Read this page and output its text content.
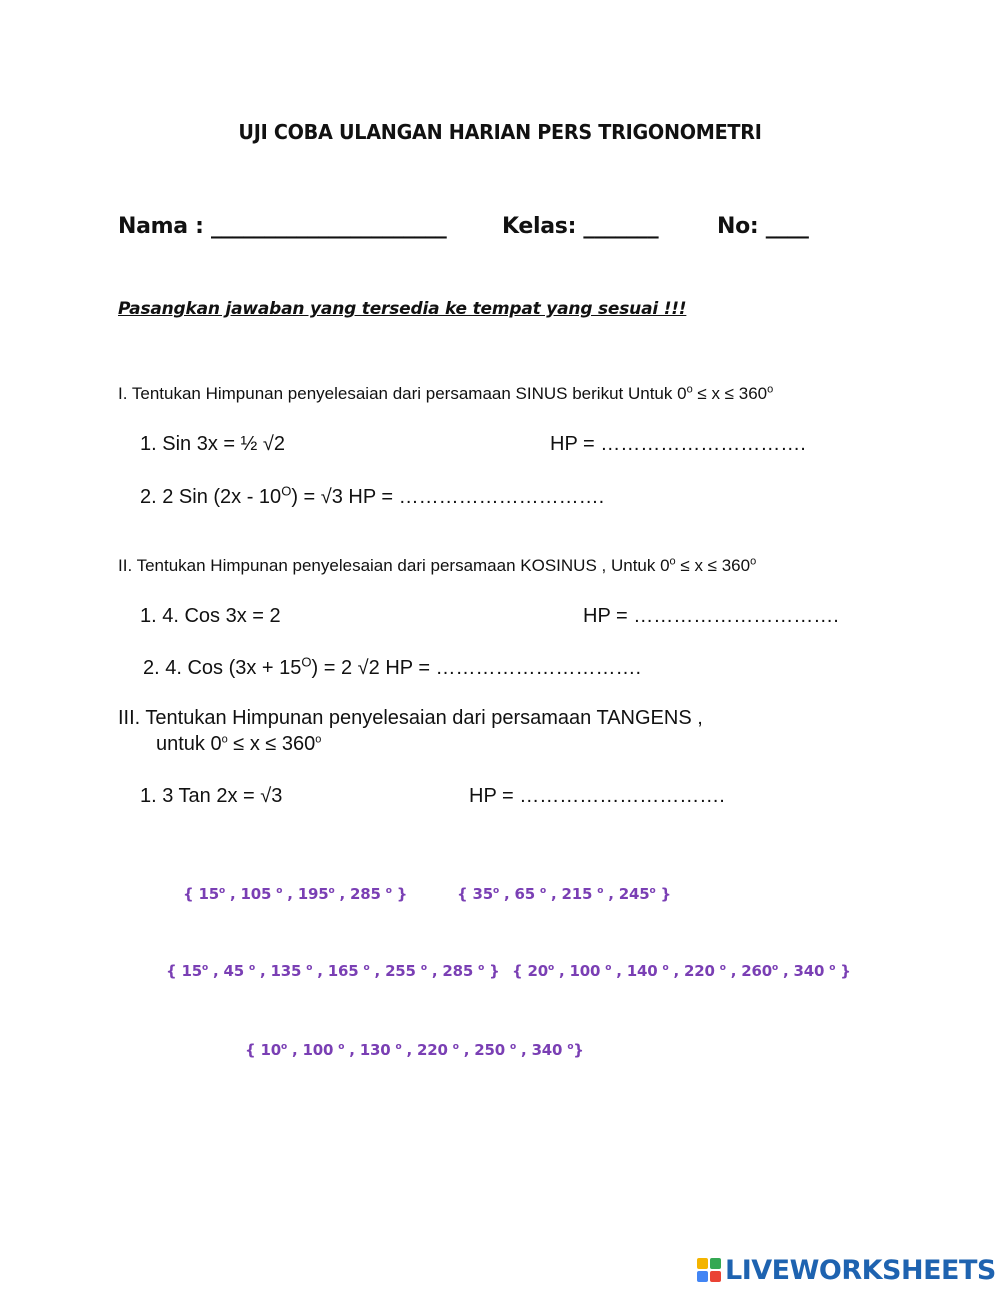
UJI COBA ULANGAN HARIAN PERS TRIGONOMETRI
Nama : ______________________	Kelas: _______	No: ____
Pasangkan jawaban yang tersedia ke tempat yang sesuai !!!
I. Tentukan Himpunan penyelesaian dari persamaan SINUS berikut Untuk $0^o \le x \le 360^o$
1. Sin 3x = ½ √2	HP = ………………………….
2. 2 Sin $(2x - 10^O) = √3$ HP = ………………………….
II. Tentukan Himpunan penyelesaian dari persamaan KOSINUS , Untuk $0^o \le x \le 360^o$
1. 4. Cos 3x = 2	HP = ………………………….
2. 4. Cos $(3x + 15^O) = 2$ √2 HP = ………………………….
III. Tentukan Himpunan penyelesaian dari persamaan TANGENS ,
untuk $0^o \le x \le 360^o$
1. 3 Tan 2x = √3	HP = ………………………….
{ 15$^o$ , 105 $^o$ , 195$^o$ , 285 $^o$ }	{ 35$^o$ , 65 $^o$ , 215 $^o$ , 245$^o$ }
{ 15$^o$ , 45 $^o$ , 135 $^o$ , 165 $^o$ , 255 $^o$ , 285 $^o$ } { 20$^o$ , 100 $^o$ , 140 $^o$ , 220 $^o$ , 260$^o$ , 340 $^o$ }
{ 10$^o$ , 100 $^o$ , 130 $^o$ , 220 $^o$ , 250 $^o$ , 340 $^o$}
LIVEWORKSHEETS
